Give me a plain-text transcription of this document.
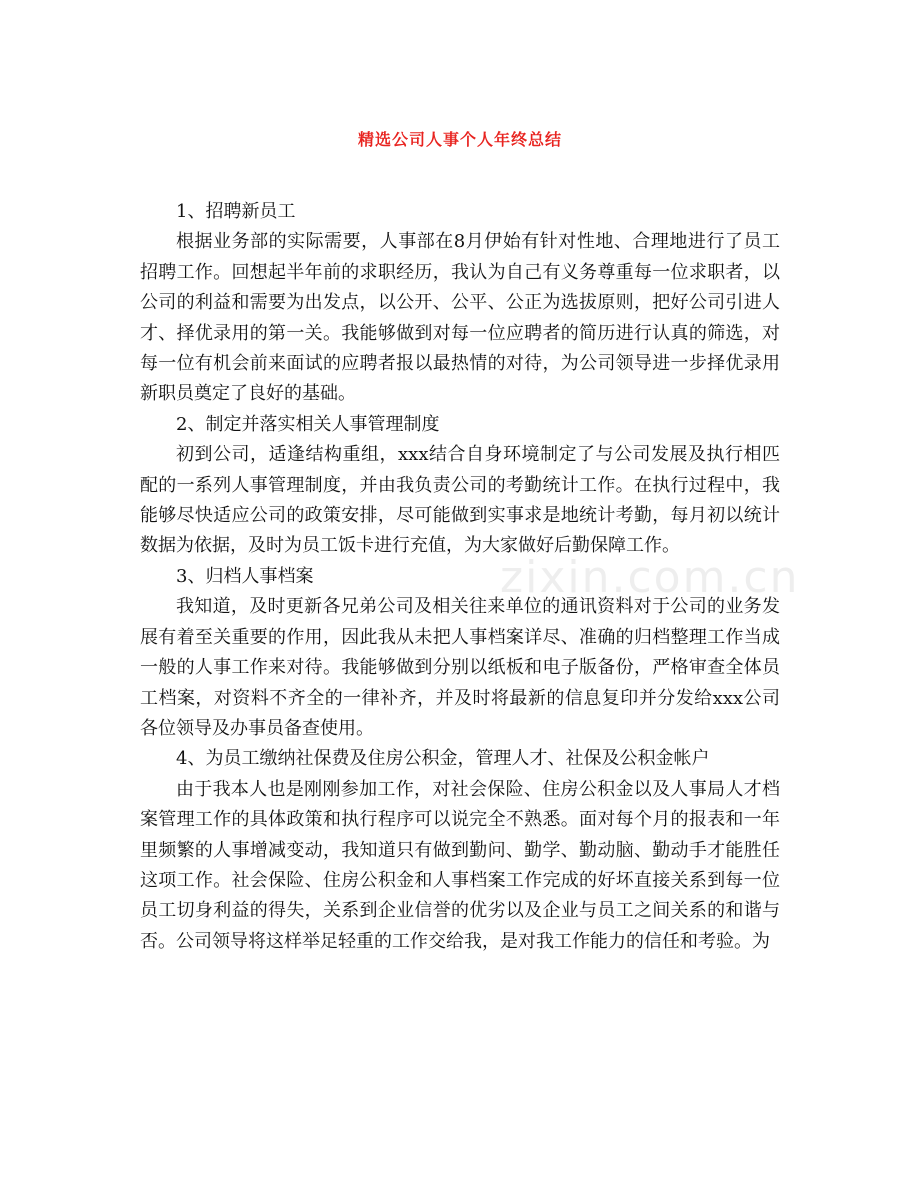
zixin.com.cn
精选公司人事个人年终总结

1、招聘新员工

根据业务部的实际需要，人事部在8月伊始有针对性地、合理地进行了员工招聘工作。回想起半年前的求职经历，我认为自己有义务尊重每一位求职者，以公司的利益和需要为出发点，以公开、公平、公正为选拔原则，把好公司引进人才、择优录用的第一关。我能够做到对每一位应聘者的简历进行认真的筛选，对每一位有机会前来面试的应聘者报以最热情的对待，为公司领导进一步择优录用新职员奠定了良好的基础。

2、制定并落实相关人事管理制度

初到公司，适逢结构重组，xxx结合自身环境制定了与公司发展及执行相匹配的一系列人事管理制度，并由我负责公司的考勤统计工作。在执行过程中，我能够尽快适应公司的政策安排，尽可能做到实事求是地统计考勤，每月初以统计数据为依据，及时为员工饭卡进行充值，为大家做好后勤保障工作。

3、归档人事档案

我知道，及时更新各兄弟公司及相关往来单位的通讯资料对于公司的业务发展有着至关重要的作用，因此我从未把人事档案详尽、准确的归档整理工作当成一般的人事工作来对待。我能够做到分别以纸板和电子版备份，严格审查全体员工档案，对资料不齐全的一律补齐，并及时将最新的信息复印并分发给xxx公司各位领导及办事员备查使用。

4、为员工缴纳社保费及住房公积金，管理人才、社保及公积金帐户

由于我本人也是刚刚参加工作，对社会保险、住房公积金以及人事局人才档案管理工作的具体政策和执行程序可以说完全不熟悉。面对每个月的报表和一年里频繁的人事增减变动，我知道只有做到勤问、勤学、勤动脑、勤动手才能胜任这项工作。社会保险、住房公积金和人事档案工作完成的好坏直接关系到每一位员工切身利益的得失，关系到企业信誉的优劣以及企业与员工之间关系的和谐与否。公司领导将这样举足轻重的工作交给我，是对我工作能力的信任和考验。为
